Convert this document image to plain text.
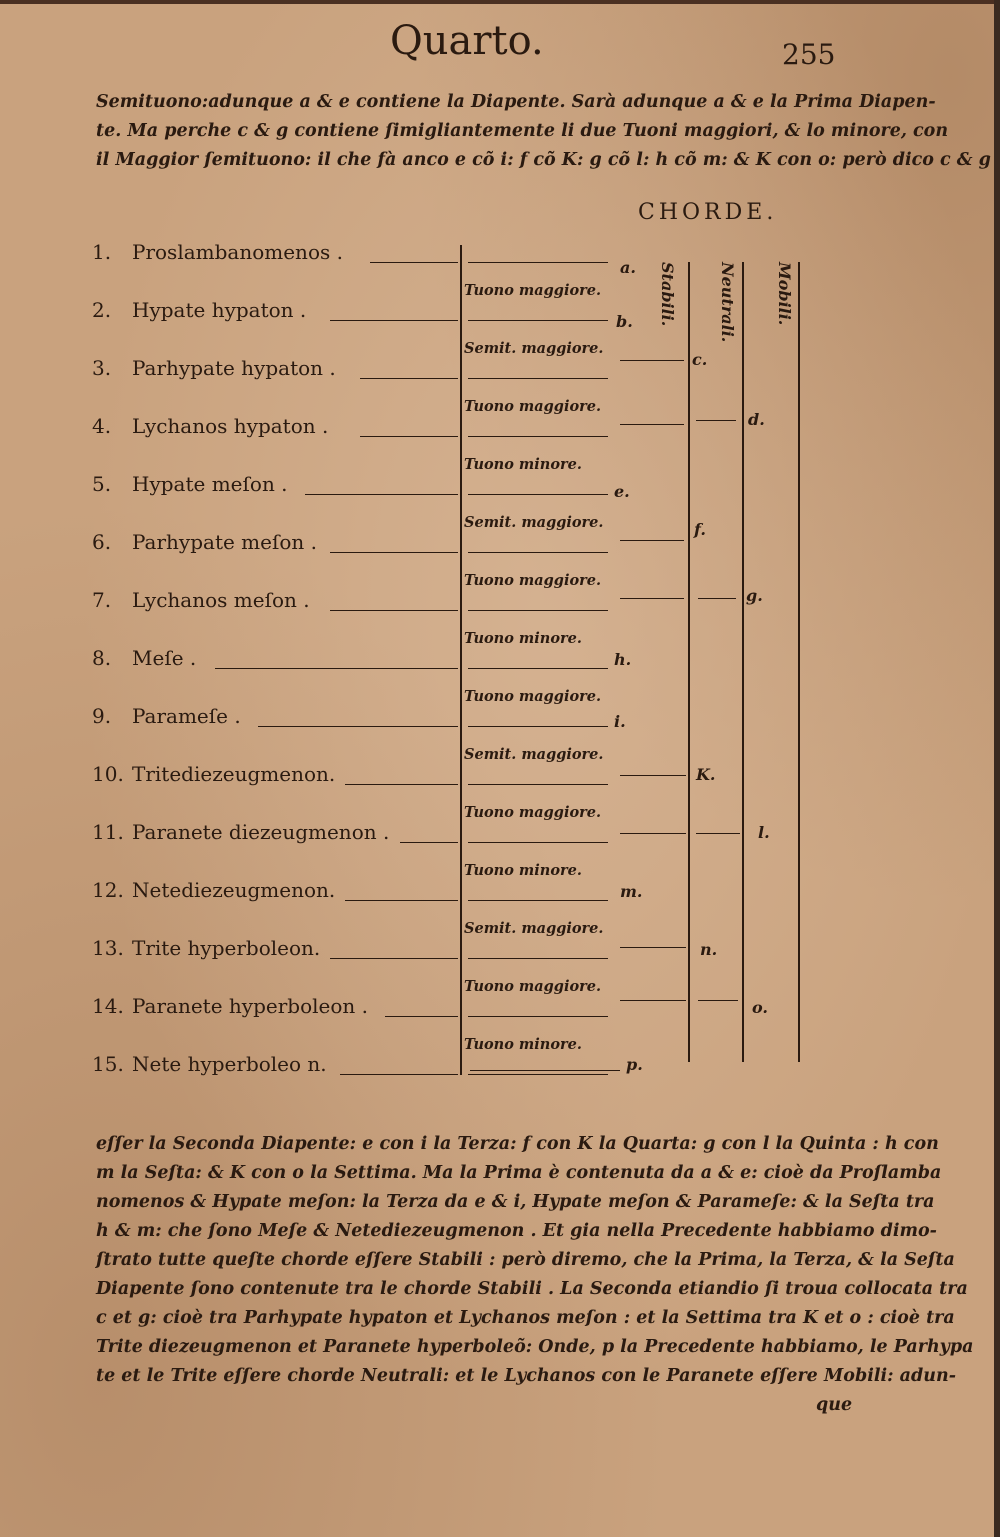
Quarto.	255
Semituono:adunque a & e contiene la Diapente. Sarà adunque a & e la Prima Diapen-
te. Ma perche c & g contiene ſimigliantemente li due Tuoni maggiori, & lo minore, con
il Maggior ſemituono: il che fà anco e cõ i: f cõ K: g cõ l: h cõ m: & K con o: però dico c & g
CHORDE.
1. Proslambanomenos .
2. Hypate hypaton .
3. Parhypate hypaton .
4. Lychanos hypaton .
5. Hypate meſon .
6. Parhypate meſon .
7. Lychanos meſon .
8. Meſe .
9. Parameſe .
10. Tritediezeugmenon.
11. Paranete diezeugmenon .
12. Netediezeugmenon.
13. Trite hyperboleon.
14. Paranete hyperboleon .
15. Nete hyperboleo n.
Tuono maggiore.
Semit. maggiore.
Tuono maggiore.
Tuono minore.
Semit. maggiore.
Tuono maggiore.
Tuono minore.
Tuono maggiore.
Semit. maggiore.
Tuono maggiore.
Tuono minore.
Semit. maggiore.
Tuono maggiore.
Tuono minore.
Stabili.	Neutrali. Mobili.
a.
b.
c.
d.
e.
f.
g.
h.
i.
K.
l.
m.
n.
o.
p.
eſſer la Seconda Diapente: e con i la Terza: f con K la Quarta: g con l la Quinta : h con
m la Seſta: & K con o la Settima. Ma la Prima è contenuta da a & e: cioè da Proſlamba
nomenos & Hypate meſon: la Terza da e & i, Hypate meſon & Parameſe: & la Seſta tra
h & m: che ſono Meſe & Netediezeugmenon . Et gia nella Precedente habbiamo dimo-
ſtrato tutte queſte chorde eſſere Stabili : però diremo, che la Prima, la Terza, & la Seſta
Diapente ſono contenute tra le chorde Stabili . La Seconda etiandio ſi troua collocata tra
c et g: cioè tra Parhypate hypaton et Lychanos meſon : et la Settima tra K et o : cioè tra
Trite diezeugmenon et Paranete hyperboleõ: Onde, p la Precedente habbiamo, le Parhypa
te et le Trite eſſere chorde Neutrali: et le Lychanos con le Paranete eſſere Mobili: adun-
que
